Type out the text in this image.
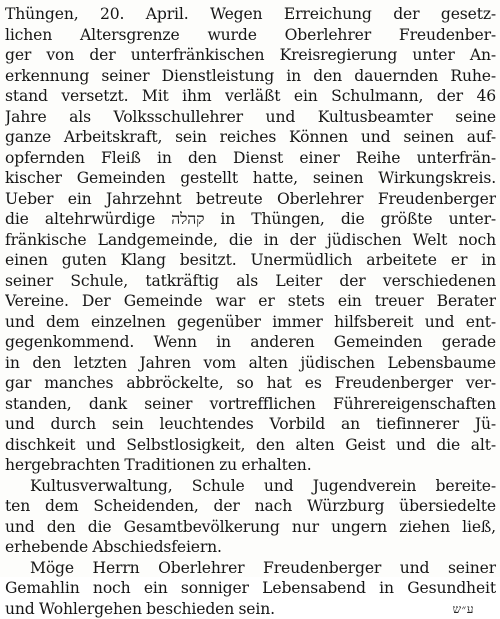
Thüngen, 20. April. Wegen Erreichung der gesetz-
lichen Altersgrenze wurde Oberlehrer Freudenber-
ger von der unterfränkischen Kreisregierung unter An-
erkennung seiner Dienstleistung in den dauernden Ruhe-
stand versetzt. Mit ihm verläßt ein Schulmann, der 46
Jahre als Volksschullehrer und Kultusbeamter seine
ganze Arbeitskraft, sein reiches Können und seinen auf-
opfernden Fleiß in den Dienst einer Reihe unterfrän-
kischer Gemeinden gestellt hatte, seinen Wirkungskreis.
Ueber ein Jahrzehnt betreute Oberlehrer Freudenberger
die altehrwürdige קהלה in Thüngen, die größte unter-
fränkische Landgemeinde, die in der jüdischen Welt noch
einen guten Klang besitzt. Unermüdlich arbeitete er in
seiner Schule, tatkräftig als Leiter der verschiedenen
Vereine. Der Gemeinde war er stets ein treuer Berater
und dem einzelnen gegenüber immer hilfsbereit und ent-
gegenkommend. Wenn in anderen Gemeinden gerade
in den letzten Jahren vom alten jüdischen Lebensbaume
gar manches abbröckelte, so hat es Freudenberger ver-
standen, dank seiner vortrefflichen Führereigenschaften
und durch sein leuchtendes Vorbild an tiefinnerer Jü-
dischkeit und Selbstlosigkeit, den alten Geist und die alt-
hergebrachten Traditionen zu erhalten.
Kultusverwaltung, Schule und Jugendverein bereite-
ten dem Scheidenden, der nach Würzburg übersiedelte
und den die Gesamtbevölkerung nur ungern ziehen ließ,
erhebende Abschiedsfeiern.
Möge Herrn Oberlehrer Freudenberger und seiner
Gemahlin noch ein sonniger Lebensabend in Gesundheit
und Wohlergehen beschieden sein.	ע״ש
